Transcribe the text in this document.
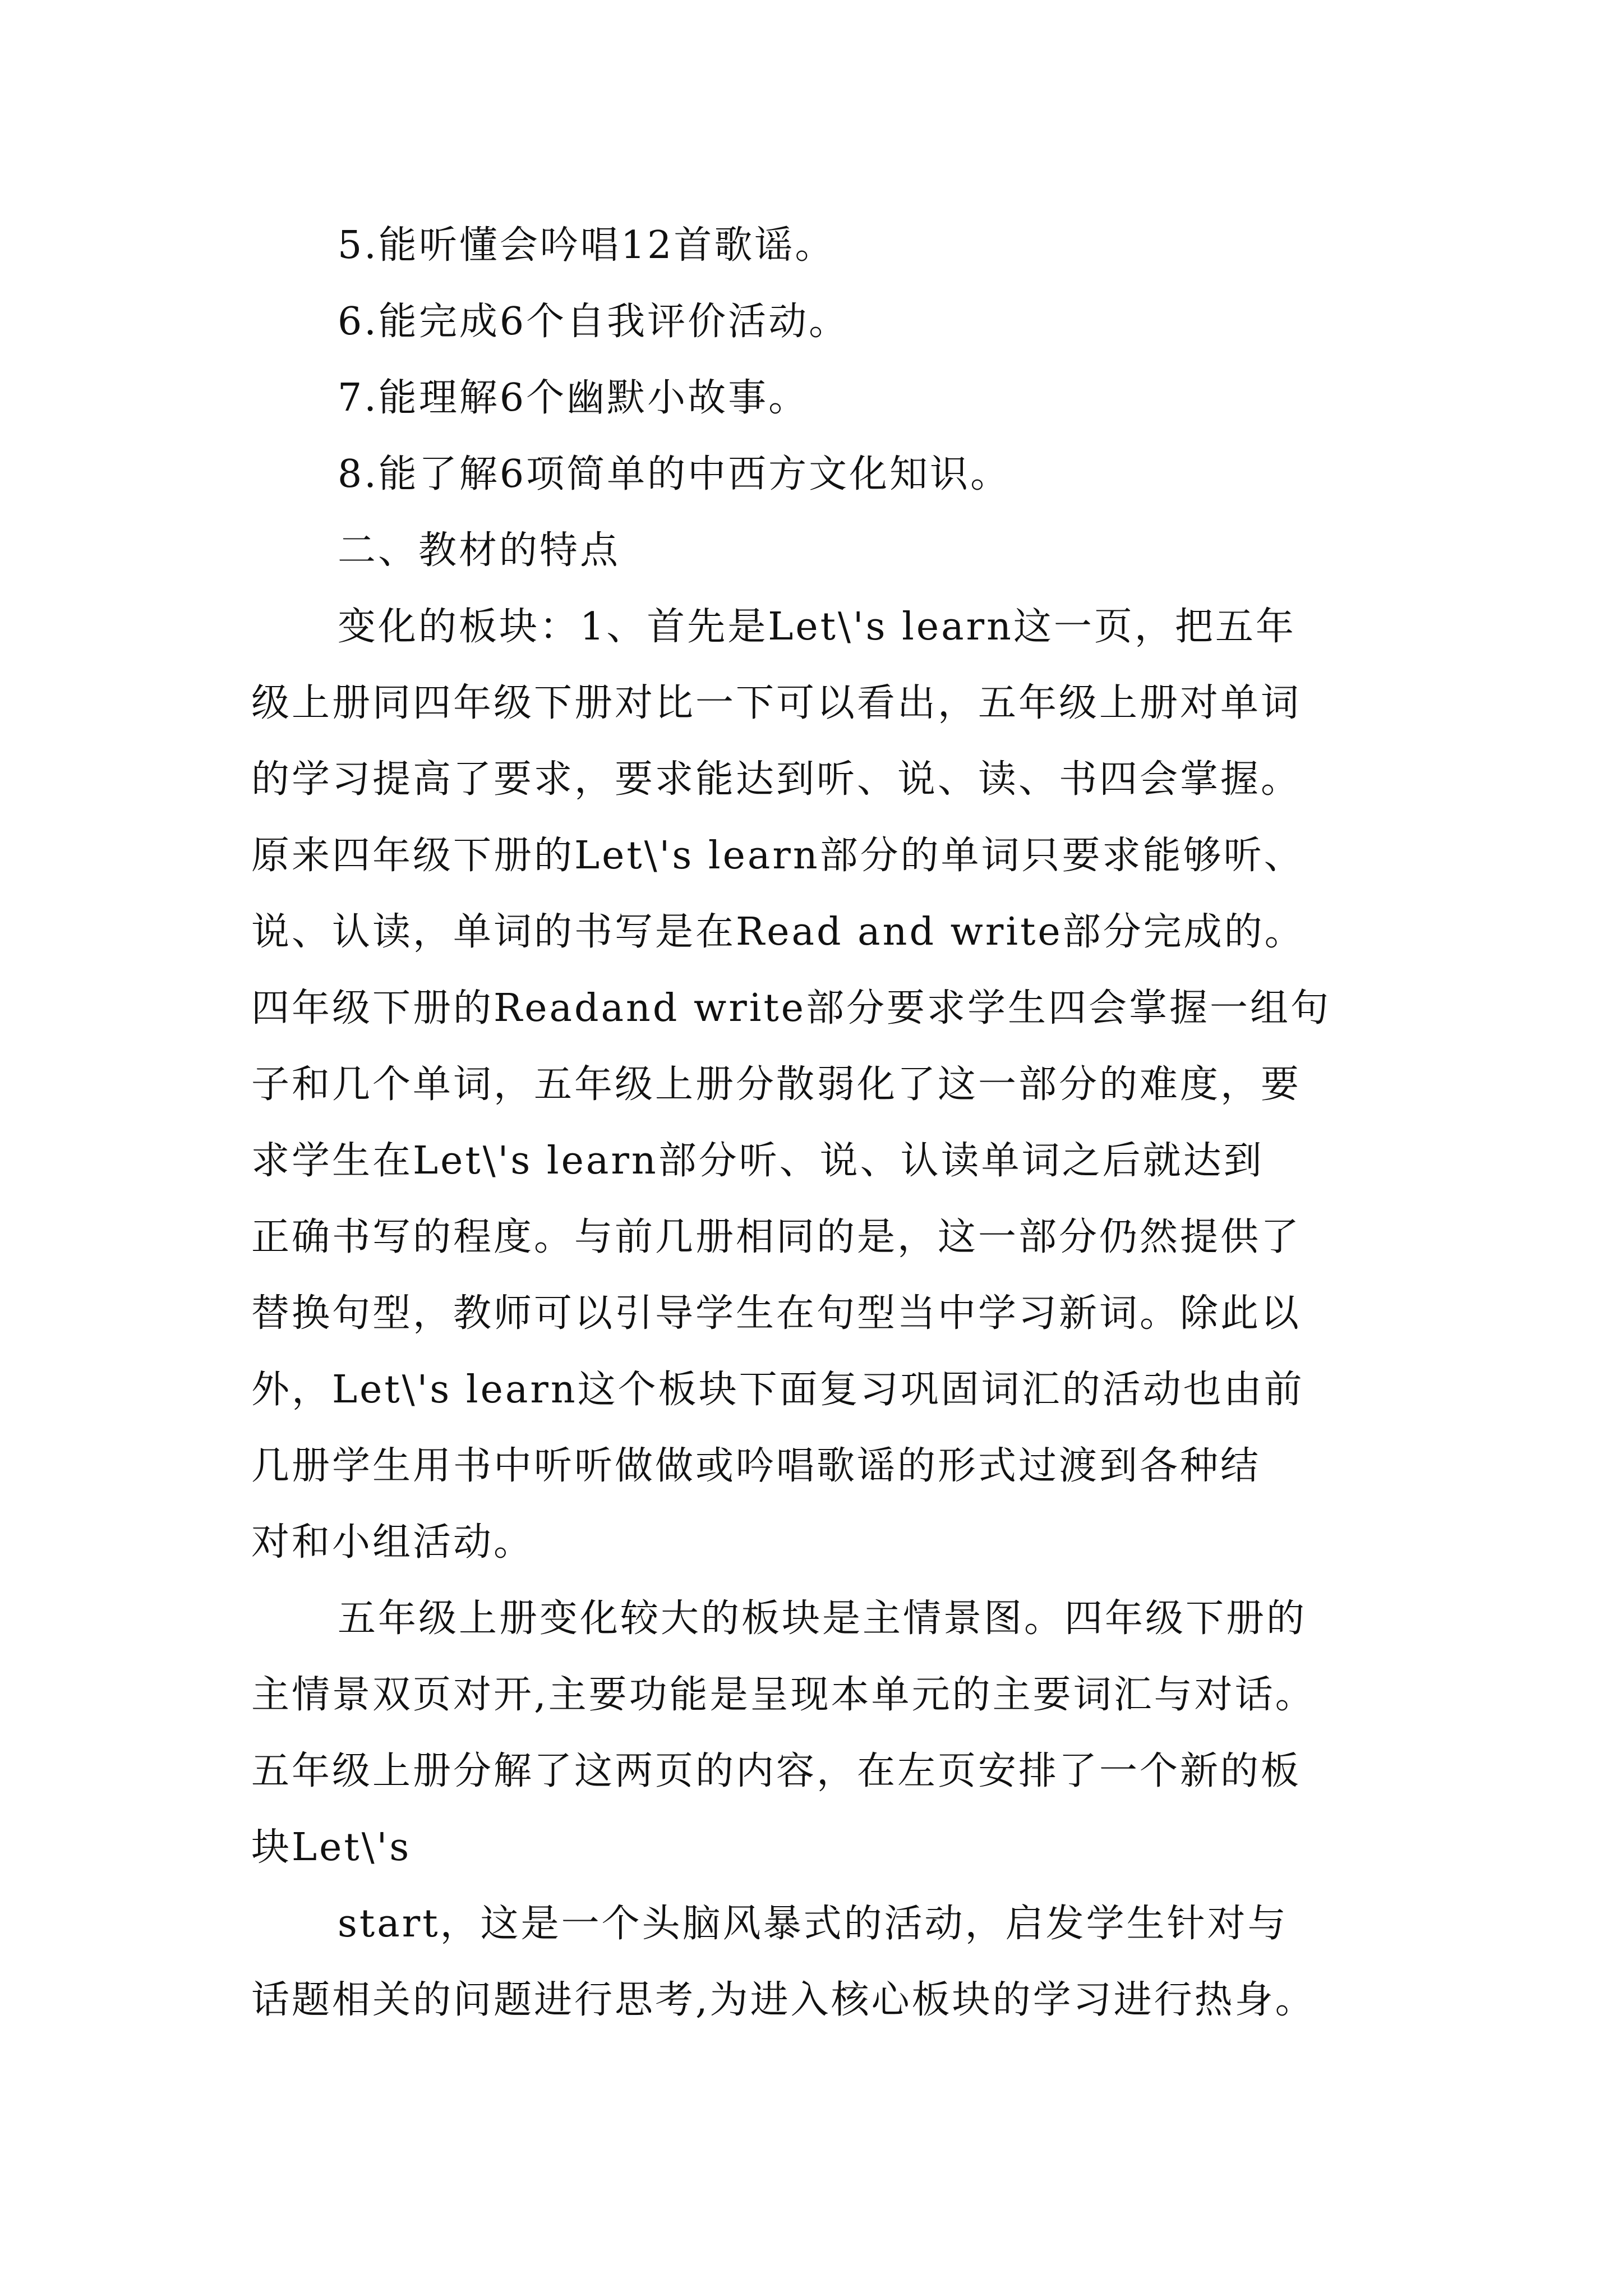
5.能听懂会吟唱12首歌谣。

6.能完成6个自我评价活动。

7.能理解6个幽默小故事。

8.能了解6项简单的中西方文化知识。

二、教材的特点

变化的板块：1、首先是Let\'s learn这一页，把五年
级上册同四年级下册对比一下可以看出，五年级上册对单词
的学习提高了要求，要求能达到听、说、读、书四会掌握。
原来四年级下册的Let\'s learn部分的单词只要求能够听、
说、认读，单词的书写是在Read and write部分完成的。
四年级下册的Readand write部分要求学生四会掌握一组句
子和几个单词，五年级上册分散弱化了这一部分的难度，要
求学生在Let\'s learn部分听、说、认读单词之后就达到
正确书写的程度。与前几册相同的是，这一部分仍然提供了
替换句型，教师可以引导学生在句型当中学习新词。除此以
外，Let\'s learn这个板块下面复习巩固词汇的活动也由前
几册学生用书中听听做做或吟唱歌谣的形式过渡到各种结
对和小组活动。

五年级上册变化较大的板块是主情景图。四年级下册的
主情景双页对开,主要功能是呈现本单元的主要词汇与对话。
五年级上册分解了这两页的内容，在左页安排了一个新的板
块Let\'s

start，这是一个头脑风暴式的活动，启发学生针对与
话题相关的问题进行思考,为进入核心板块的学习进行热身。
